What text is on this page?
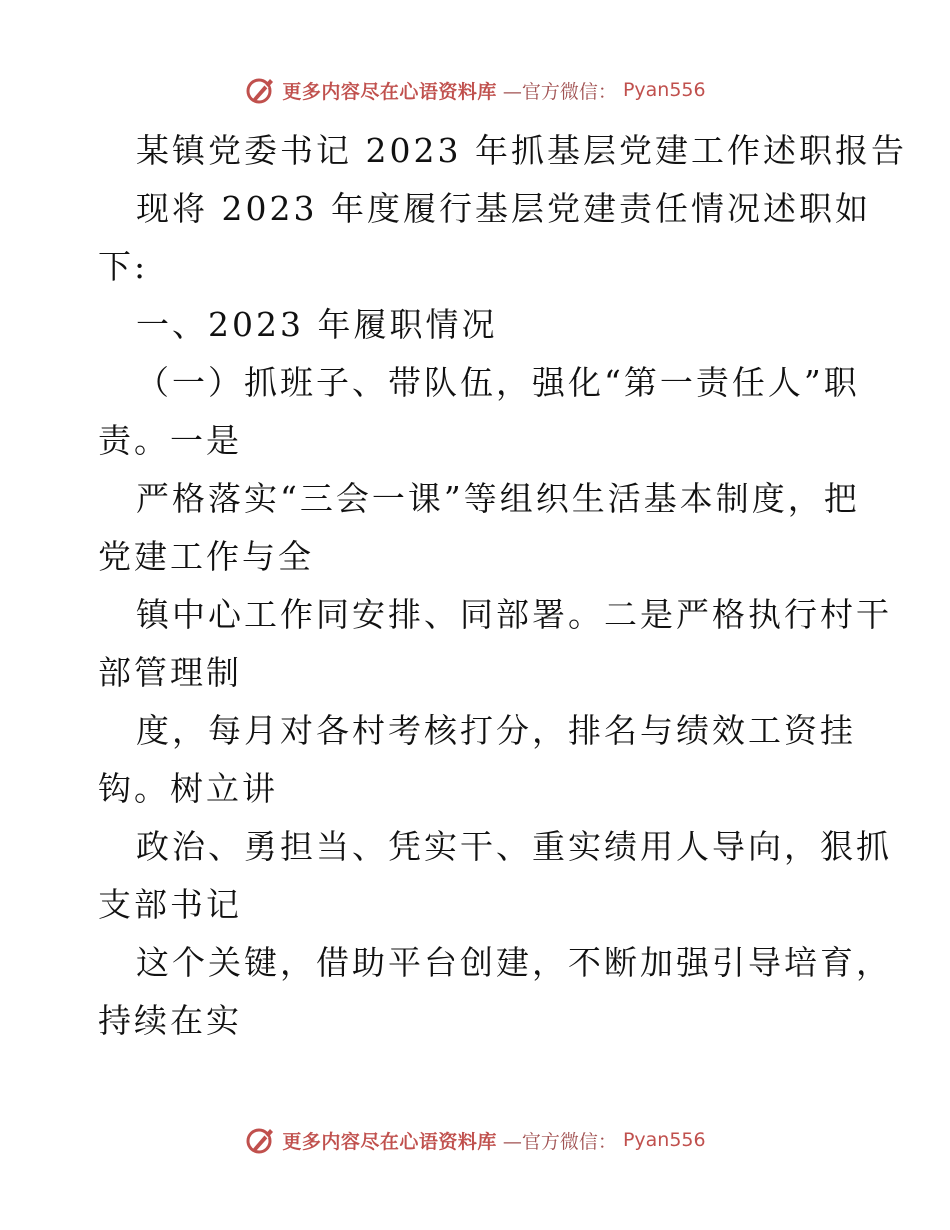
更多内容尽在心语资料库 —官方微信： Pyan556
某镇党委书记 2023 年抓基层党建工作述职报告
现将 2023 年度履行基层党建责任情况述职如
下:
一、2023 年履职情况
（一）抓班子、带队伍，强化“第一责任人”职
责。一是
严格落实“三会一课”等组织生活基本制度，把
党建工作与全
镇中心工作同安排、同部署。二是严格执行村干
部管理制
度，每月对各村考核打分，排名与绩效工资挂
钩。树立讲
政治、勇担当、凭实干、重实绩用人导向，狠抓
支部书记
这个关键，借助平台创建，不断加强引导培育，
持续在实
更多内容尽在心语资料库 —官方微信： Pyan556
